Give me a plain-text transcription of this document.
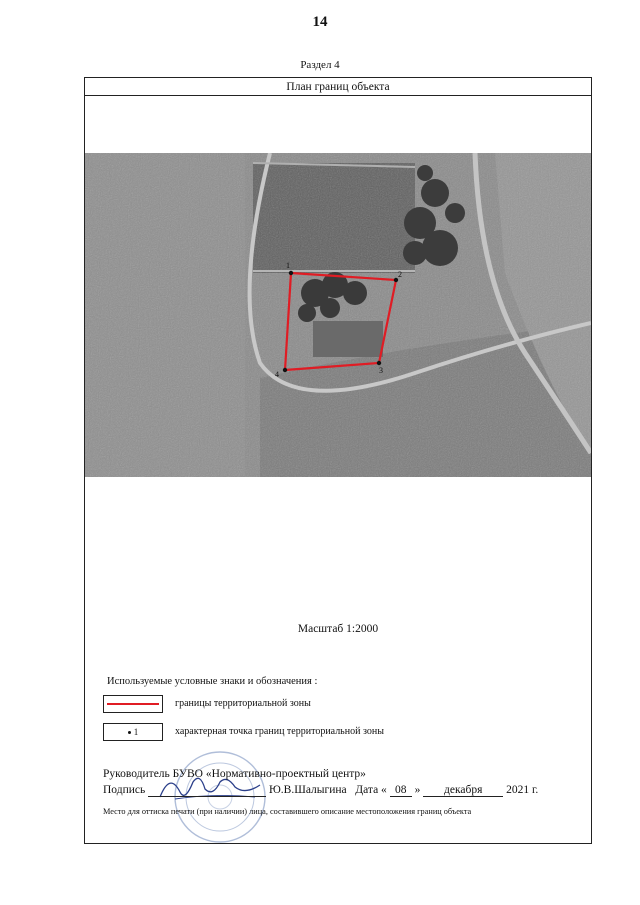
14
Раздел 4
План границ объекта
1
2
3
4
Масштаб 1:2000
Используемые условные знаки и обозначения :
границы территориальной зоны
1	характерная точка границ территориальной зоны
Руководитель БУВО «Нормативно-проектный центр»
Подпись	Ю.В.Шалыгина Дата « 08 » декабря 2021 г.
Место для оттиска печати (при наличии) лица, составившего описание местоположения границ объекта
